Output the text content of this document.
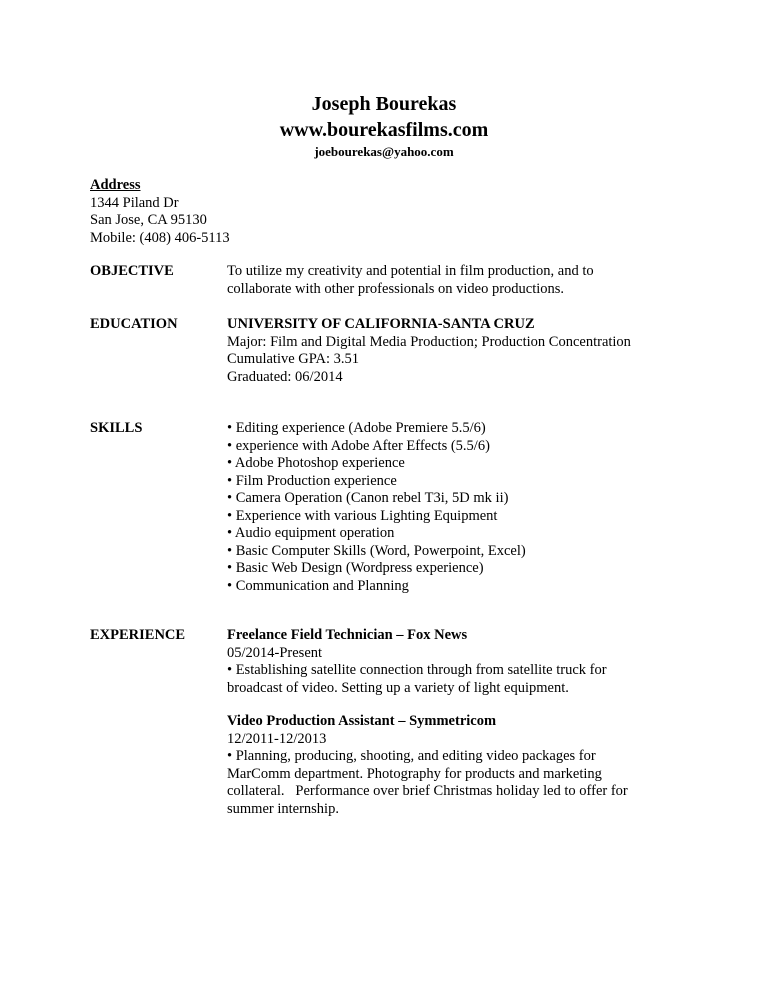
Joseph Bourekas
www.bourekasfilms.com
joebourekas@yahoo.com
Address
1344 Piland Dr
San Jose, CA 95130
Mobile: (408) 406-5113
OBJECTIVE	To utilize my creativity and potential in film production, and to
collaborate with other professionals on video productions.
EDUCATION	UNIVERSITY OF CALIFORNIA-SANTA CRUZ
Major: Film and Digital Media Production; Production Concentration
Cumulative GPA: 3.51
Graduated: 06/2014
SKILLS	• Editing experience (Adobe Premiere 5.5/6)
• experience with Adobe After Effects (5.5/6)
• Adobe Photoshop experience
• Film Production experience
• Camera Operation (Canon rebel T3i, 5D mk ii)
• Experience with various Lighting Equipment
• Audio equipment operation
• Basic Computer Skills (Word, Powerpoint, Excel)
• Basic Web Design (Wordpress experience)
• Communication and Planning
EXPERIENCE	Freelance Field Technician – Fox News
05/2014-Present
• Establishing satellite connection through from satellite truck for
broadcast of video. Setting up a variety of light equipment.
Video Production Assistant – Symmetricom
12/2011-12/2013
• Planning, producing, shooting, and editing video packages for
MarComm department. Photography for products and marketing
collateral.   Performance over brief Christmas holiday led to offer for
summer internship.
